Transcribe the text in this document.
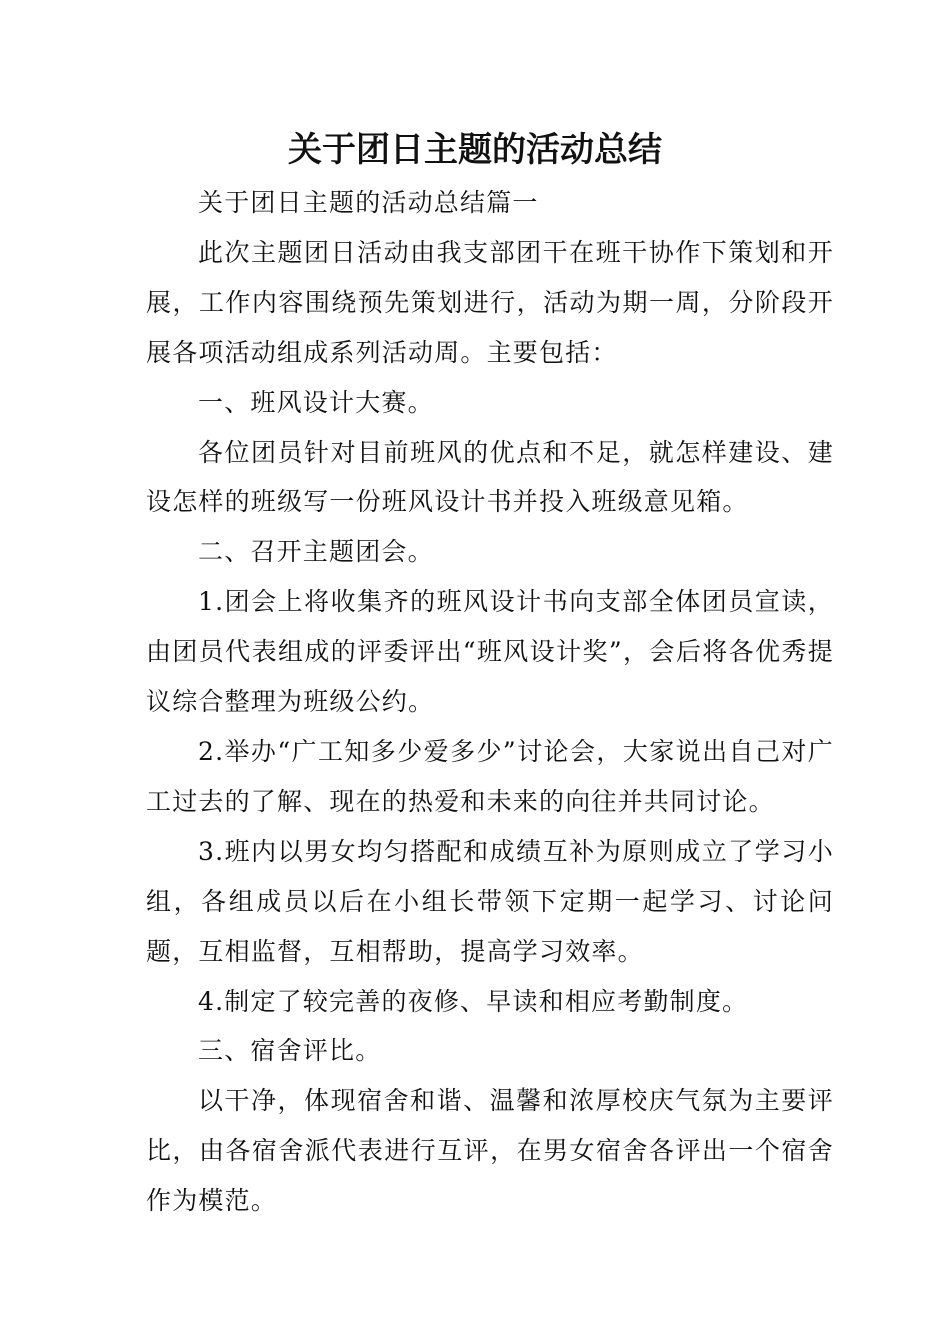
关于团日主题的活动总结

关于团日主题的活动总结篇一

此次主题团日活动由我支部团干在班干协作下策划和开展，工作内容围绕预先策划进行，活动为期一周，分阶段开展各项活动组成系列活动周。主要包括：

一、班风设计大赛。

各位团员针对目前班风的优点和不足，就怎样建设、建设怎样的班级写一份班风设计书并投入班级意见箱。

二、召开主题团会。

1.团会上将收集齐的班风设计书向支部全体团员宣读，由团员代表组成的评委评出“班风设计奖”，会后将各优秀提议综合整理为班级公约。

2.举办“广工知多少爱多少”讨论会，大家说出自己对广工过去的了解、现在的热爱和未来的向往并共同讨论。

3.班内以男女均匀搭配和成绩互补为原则成立了学习小组，各组成员以后在小组长带领下定期一起学习、讨论问题，互相监督，互相帮助，提高学习效率。

4.制定了较完善的夜修、早读和相应考勤制度。

三、宿舍评比。

以干净，体现宿舍和谐、温馨和浓厚校庆气氛为主要评比，由各宿舍派代表进行互评，在男女宿舍各评出一个宿舍作为模范。
